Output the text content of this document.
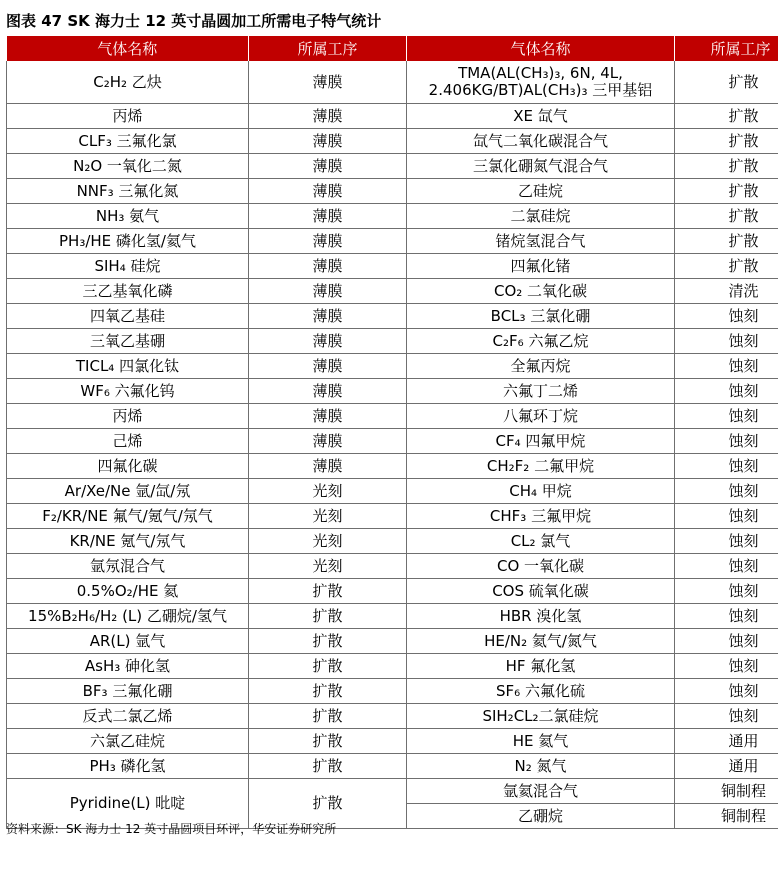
图表 47 SK 海力士 12 英寸晶圆加工所需电子特气统计
气体名称	所属工序	气体名称	所属工序
C₂H₂ 乙炔	薄膜	TMA(AL(CH₃)₃, 6N, 4L, 2.406KG/BT)AL(CH₃)₃ 三甲基铝	扩散
丙烯	薄膜	XE 氙气	扩散
CLF₃ 三氟化氯	薄膜	氙气二氧化碳混合气	扩散
N₂O 一氧化二氮	薄膜	三氯化硼氮气混合气	扩散
NNF₃ 三氟化氮	薄膜	乙硅烷	扩散
NH₃ 氨气	薄膜	二氯硅烷	扩散
PH₃/HE 磷化氢/氦气	薄膜	锗烷氢混合气	扩散
SIH₄ 硅烷	薄膜	四氟化锗	扩散
三乙基氧化磷	薄膜	CO₂ 二氧化碳	清洗
四氧乙基硅	薄膜	BCL₃ 三氯化硼	蚀刻
三氧乙基硼	薄膜	C₂F₆ 六氟乙烷	蚀刻
TICL₄ 四氯化钛	薄膜	全氟丙烷	蚀刻
WF₆ 六氟化钨	薄膜	六氟丁二烯	蚀刻
丙烯	薄膜	八氟环丁烷	蚀刻
己烯	薄膜	CF₄ 四氟甲烷	蚀刻
四氟化碳	薄膜	CH₂F₂ 二氟甲烷	蚀刻
Ar/Xe/Ne 氩/氙/氖	光刻	CH₄ 甲烷	蚀刻
F₂/KR/NE 氟气/氪气/氖气	光刻	CHF₃ 三氟甲烷	蚀刻
KR/NE 氪气/氖气	光刻	CL₂ 氯气	蚀刻
氩氖混合气	光刻	CO 一氧化碳	蚀刻
0.5%O₂/HE 氦	扩散	COS 硫氧化碳	蚀刻
15%B₂H₆/H₂ (L) 乙硼烷/氢气	扩散	HBR 溴化氢	蚀刻
AR(L) 氩气	扩散	HE/N₂ 氦气/氮气	蚀刻
AsH₃ 砷化氢	扩散	HF 氟化氢	蚀刻
BF₃ 三氟化硼	扩散	SF₆ 六氟化硫	蚀刻
反式二氯乙烯	扩散	SIH₂CL₂二氯硅烷	蚀刻
六氯乙硅烷	扩散	HE 氦气	通用
PH₃ 磷化氢	扩散	N₂ 氮气	通用
Pyridine(L) 吡啶	扩散	氩氦混合气	铜制程
		乙硼烷	铜制程
资料来源：SK 海力士 12 英寸晶圆项目环评，华安证券研究所
